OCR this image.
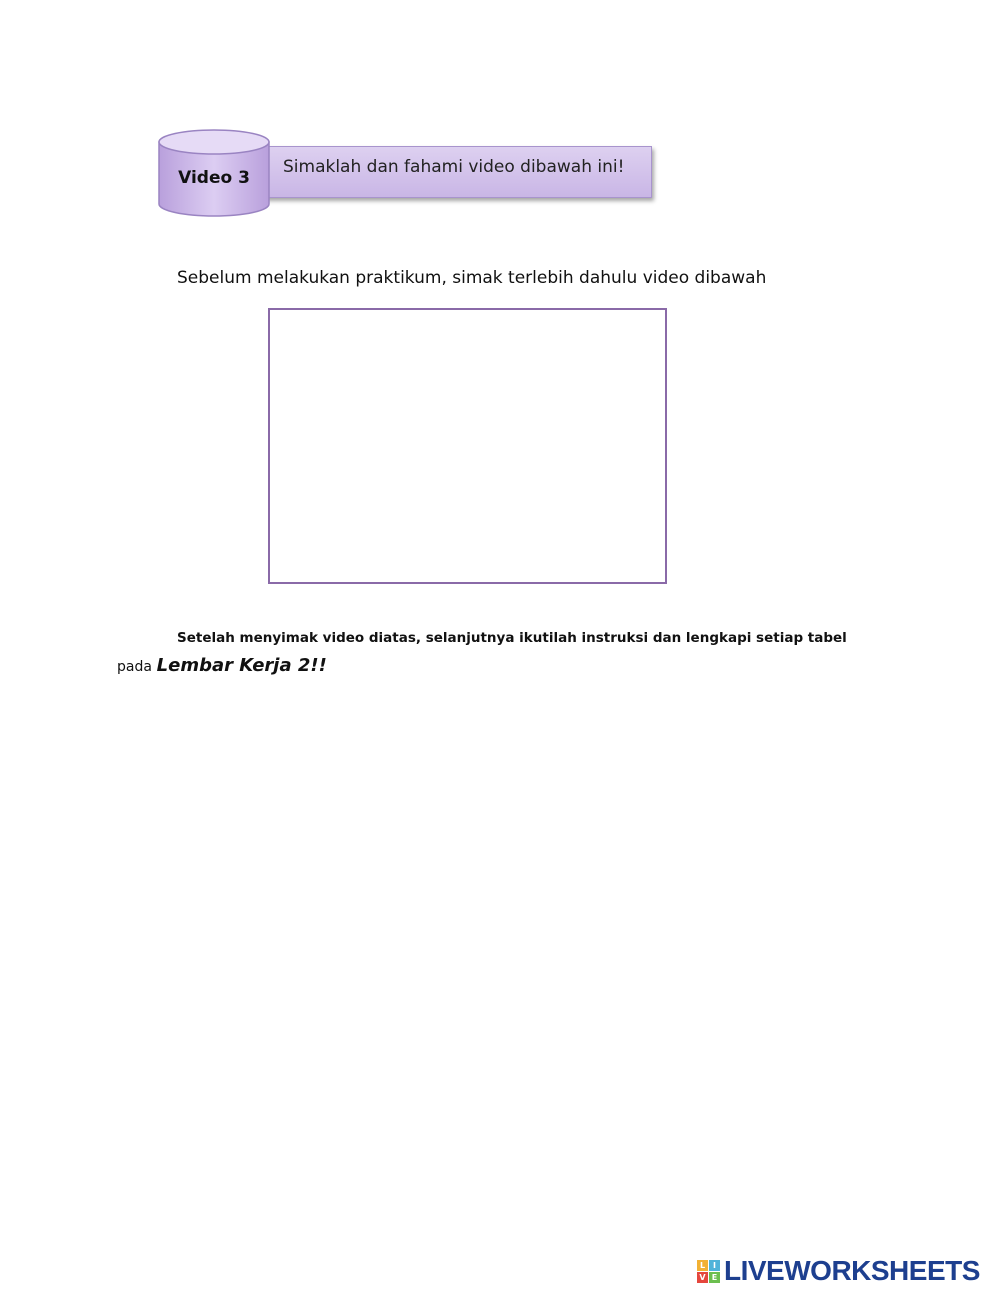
Simaklah dan fahami video dibawah ini!
Video 3
Sebelum melakukan praktikum, simak terlebih dahulu video dibawah
Setelah menyimak video diatas, selanjutnya ikutilah instruksi dan lengkapi setiap tabel
pada Lembar Kerja 2!!
L I
V E LIVEWORKSHEETS
